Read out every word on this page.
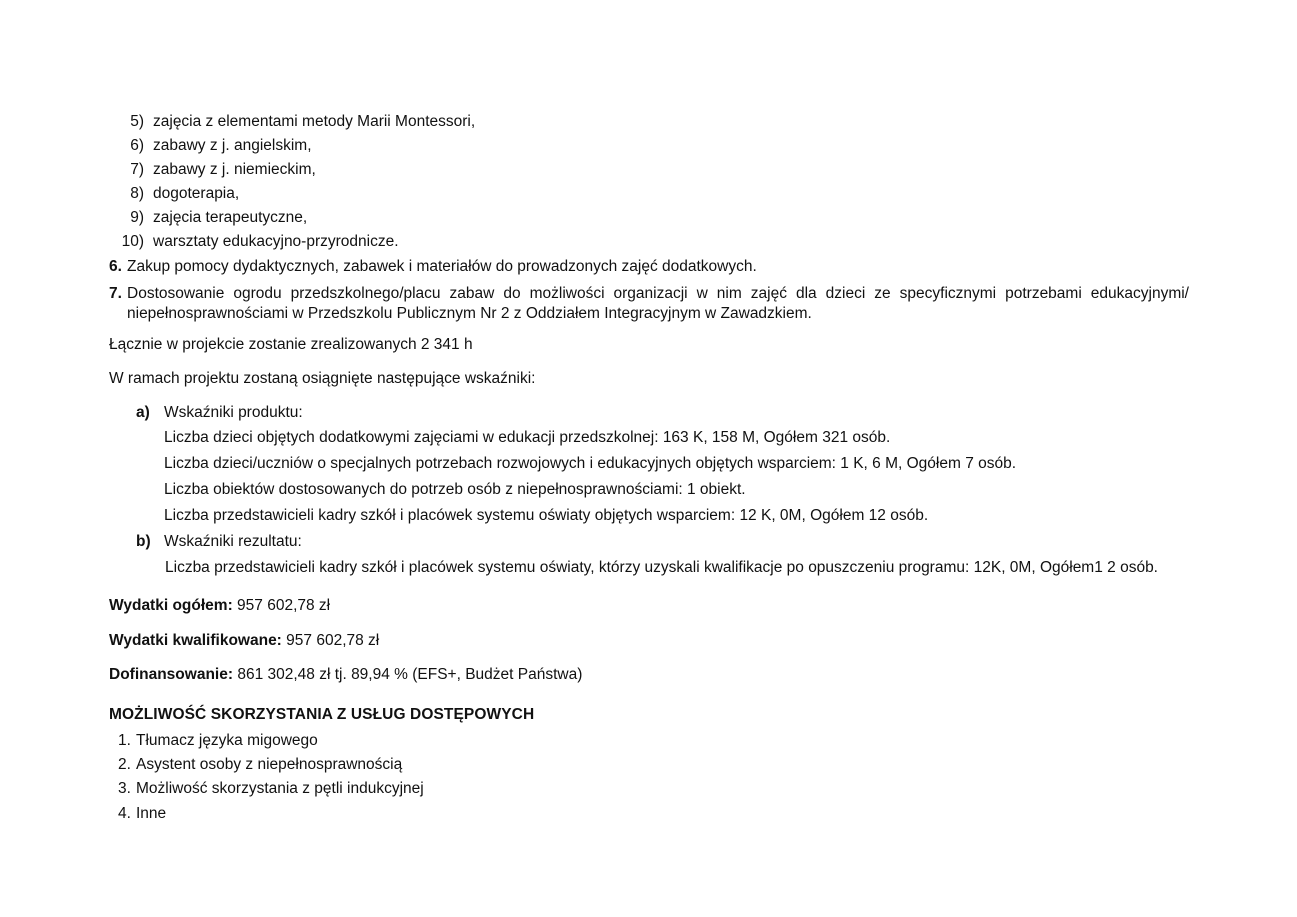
5) zajęcia z elementami metody Marii Montessori,
6) zabawy z j. angielskim,
7) zabawy z j. niemieckim,
8) dogoterapia,
9) zajęcia terapeutyczne,
10) warsztaty edukacyjno-przyrodnicze.
6. Zakup pomocy dydaktycznych, zabawek i materiałów do prowadzonych zajęć dodatkowych.
7. Dostosowanie ogrodu przedszkolnego/placu zabaw do możliwości organizacji w nim zajęć dla dzieci ze specyficznymi potrzebami edukacyjnymi/
niepełnosprawnościami w Przedszkolu Publicznym Nr 2 z Oddziałem Integracyjnym w Zawadzkiem.
Łącznie w projekcie zostanie zrealizowanych 2 341 h
W ramach projektu zostaną osiągnięte następujące wskaźniki:
a) Wskaźniki produktu:
Liczba dzieci objętych dodatkowymi zajęciami w edukacji przedszkolnej: 163 K, 158 M, Ogółem 321 osób.
Liczba dzieci/uczniów o specjalnych potrzebach rozwojowych i edukacyjnych objętych wsparciem: 1 K, 6 M, Ogółem 7 osób.
Liczba obiektów dostosowanych do potrzeb osób z niepełnosprawnościami: 1 obiekt.
Liczba przedstawicieli kadry szkół i placówek systemu oświaty objętych wsparciem: 12 K, 0M, Ogółem 12 osób.
b) Wskaźniki rezultatu:
Liczba przedstawicieli kadry szkół i placówek systemu oświaty, którzy uzyskali kwalifikacje po opuszczeniu programu: 12K, 0M, Ogółem1 2 osób.
Wydatki ogółem: 957 602,78 zł
Wydatki kwalifikowane: 957 602,78 zł
Dofinansowanie: 861 302,48 zł tj. 89,94 % (EFS+, Budżet Państwa)
MOŻLIWOŚĆ SKORZYSTANIA Z USŁUG DOSTĘPOWYCH
1. Tłumacz języka migowego
2. Asystent osoby z niepełnosprawnością
3. Możliwość skorzystania z pętli indukcyjnej
4. Inne
